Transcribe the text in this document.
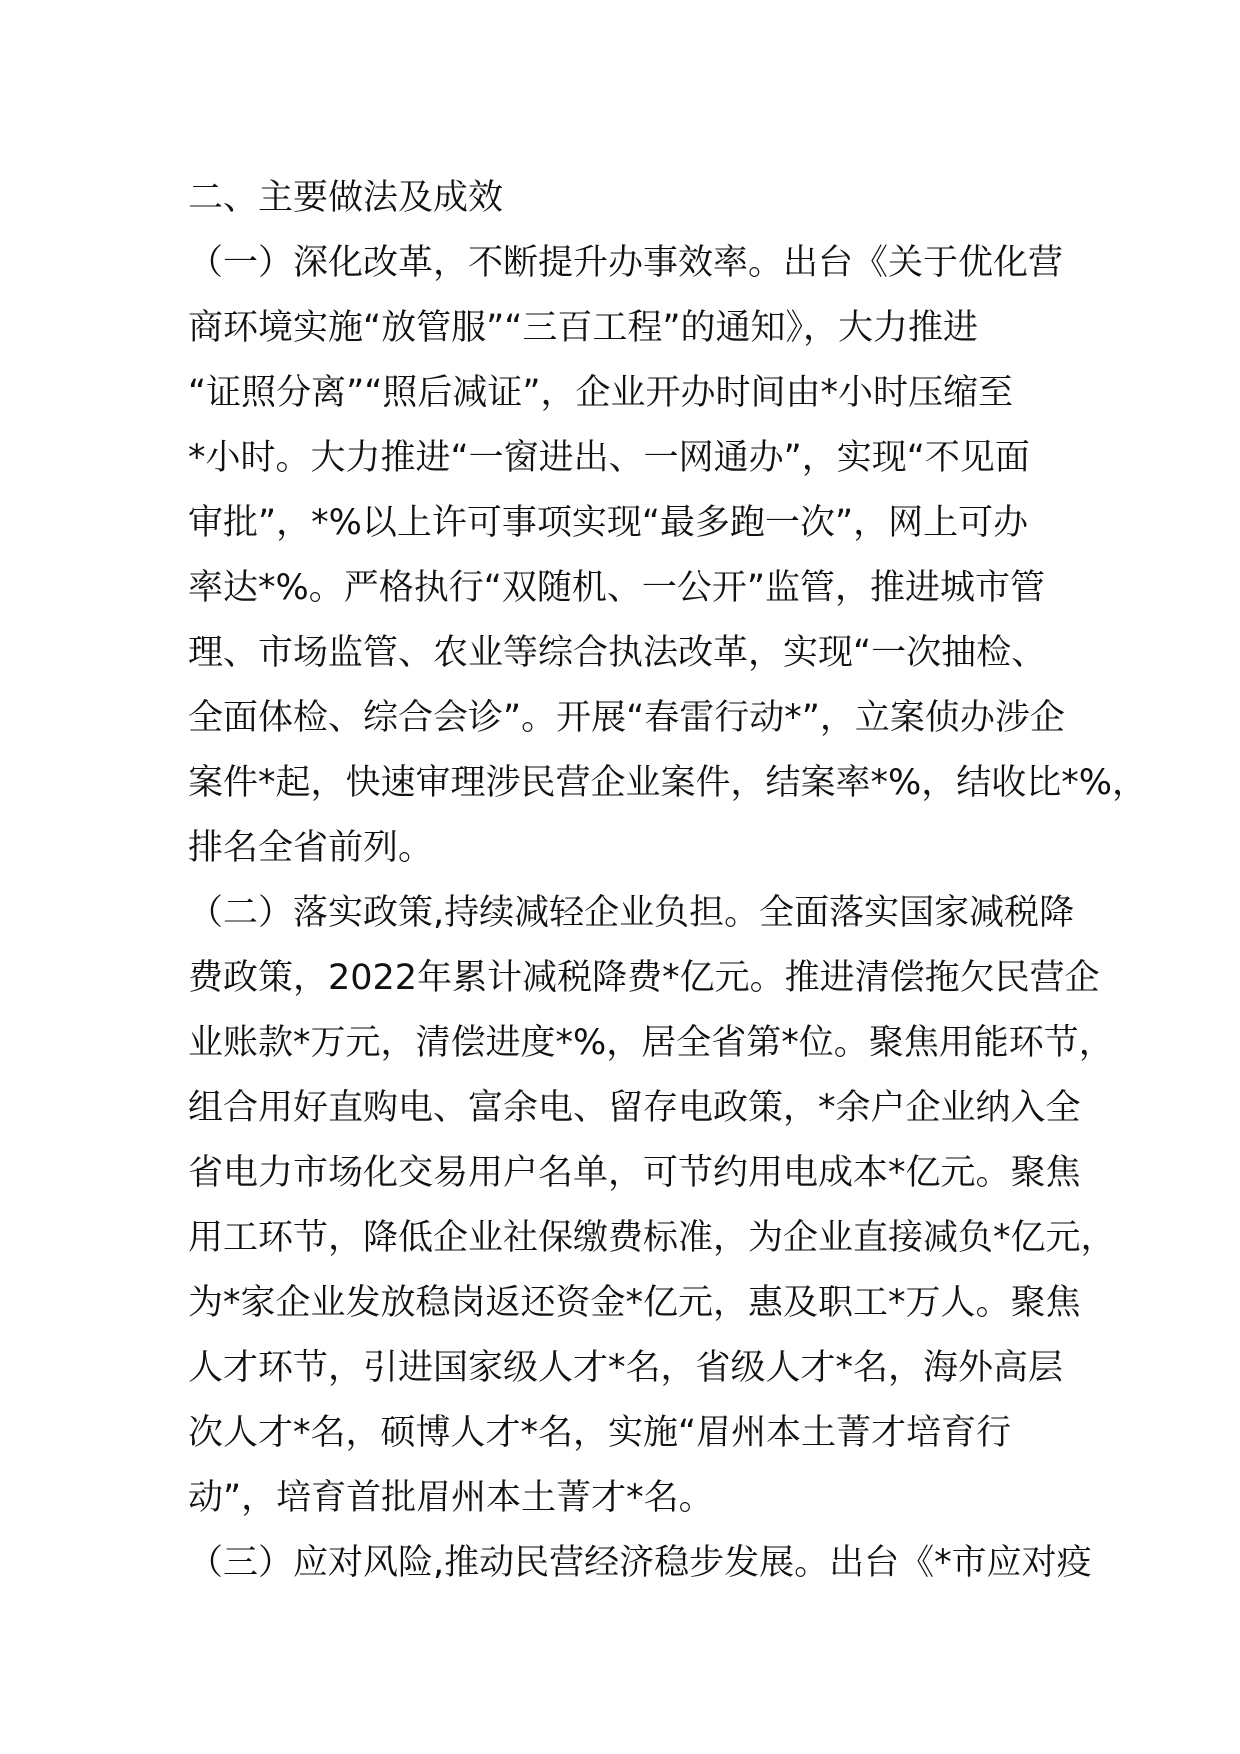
二、主要做法及成效
（一）深化改革，不断提升办事效率。出台《关于优化营
商环境实施“放管服”“三百工程”的通知》，大力推进
“证照分离”“照后减证”，企业开办时间由*小时压缩至
*小时。大力推进“一窗进出、一网通办”，实现“不见面
审批”，*%以上许可事项实现“最多跑一次”，网上可办
率达*%。严格执行“双随机、一公开”监管，推进城市管
理、市场监管、农业等综合执法改革，实现“一次抽检、
全面体检、综合会诊”。开展“春雷行动*”，立案侦办涉企
案件*起，快速审理涉民营企业案件，结案率*%，结收比*%，
排名全省前列。
（二）落实政策,持续减轻企业负担。全面落实国家减税降
费政策，2022年累计减税降费*亿元。推进清偿拖欠民营企
业账款*万元，清偿进度*%，居全省第*位。聚焦用能环节，
组合用好直购电、富余电、留存电政策，*余户企业纳入全
省电力市场化交易用户名单，可节约用电成本*亿元。聚焦
用工环节，降低企业社保缴费标准，为企业直接减负*亿元，
为*家企业发放稳岗返还资金*亿元，惠及职工*万人。聚焦
人才环节，引进国家级人才*名，省级人才*名，海外高层
次人才*名，硕博人才*名，实施“眉州本土菁才培育行
动”，培育首批眉州本土菁才*名。
（三）应对风险,推动民营经济稳步发展。出台《*市应对疫
